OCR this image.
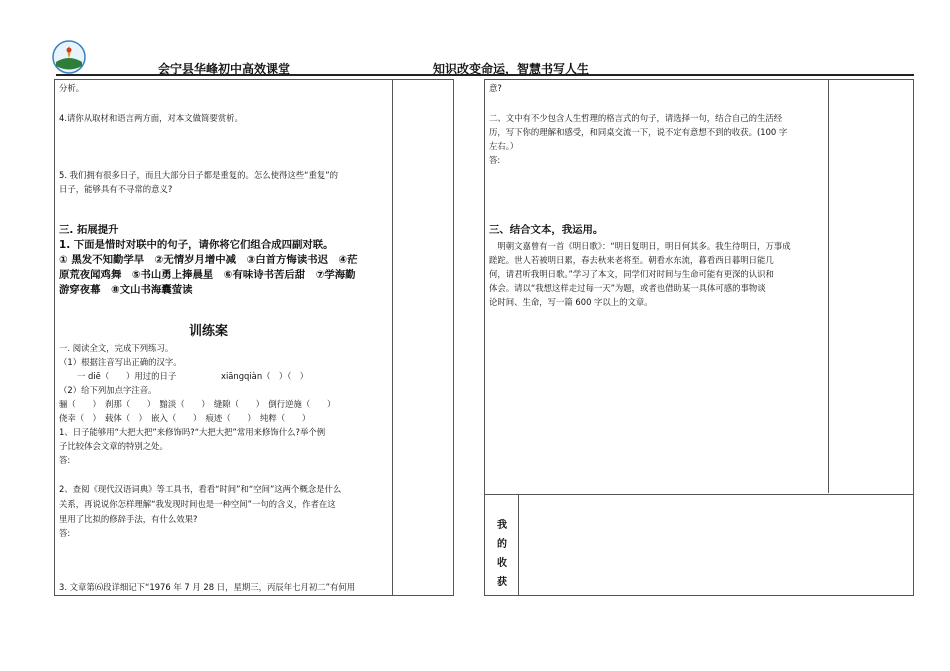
会宁县华峰初中高效课堂	知识改变命运，智慧书写人生
分析。
4.请你从取材和语言两方面，对本文做简要赏析。
5. 我们拥有很多日子，而且大部分日子都是重复的。怎么使得这些“重复”的
日子，能够具有不寻常的意义?
三. 拓展提升
1. 下面是惜时对联中的句子，请你将它们组合成四副对联。
① 黑发不知勤学早　②无情岁月增中减　③白首方悔读书迟　④茫
原荒夜闻鸡舞　⑤书山勇上捧晨星　⑥有味诗书苦后甜　⑦学海勤
游穿夜幕　⑧文山书海囊萤读
训练案
一. 阅读全文，完成下列练习。
（1）根据注音写出正确的汉字。
一 diē（　　）用过的日子	xiāngqiàn（　）（　）
（2）给下列加点字注音。
骊（　　）　刹那（　　）　黯淡（　　）　缝隙（　　）　倒行逆施（　　）
侥幸（　）　载体（　）　嵌入（　　）　痕迹（　　）　纯粹（　　）
1、日子能够用“大把大把”来修饰吗?“大把大把”常用来修饰什么?举个例
子比较体会文章的特别之处。
答:
2、查阅《现代汉语词典》等工具书，看看“时间”和“空间”这两个概念是什么
关系，再说说你怎样理解“我发现时间也是一种空间”一句的含义，作者在这
里用了比拟的修辞手法，有什么效果?
答:
3. 文章第⑹段详细记下“1976 年 7 月 28 日，星期三，丙辰年七月初二”有何用
意?
二、文中有不少包含人生哲理的格言式的句子，请选择一句，结合自己的生活经
历，写下你的理解和感受，和同桌交流一下，说不定有意想不到的收获。(100 字
左右。）
答:
三、结合文本，我运用。
　明朝文嘉曾有一首《明日歌》：“明日复明日，明日何其多。我生待明日，万事成
蹉跎。世人若被明日累，春去秋来老将至。朝看水东流，暮看西日暮明日能几
何，请君听我明日歌。”学习了本文，同学们对时间与生命可能有更深的认识和
体会。请以“我想这样走过每一天”为题，或者也借助某一具体可感的事物谈
论时间、生命，写一篇 600 字以上的文章。
我
的
收
获
